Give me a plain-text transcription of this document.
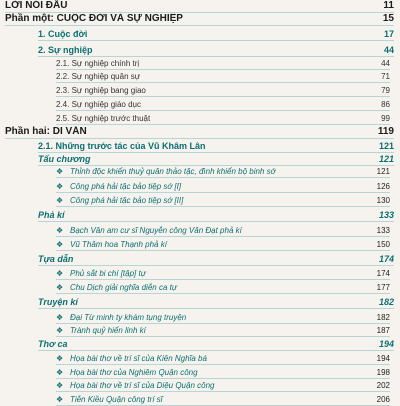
LỜI NÓI ĐẦU	11
Phần một: CUỘC ĐỜI VÀ SỰ NGHIỆP	15
1. Cuộc đời	17
2. Sự nghiệp	44
2.1. Sự nghiệp chính trị	44
2.2. Sự nghiệp quân sự	71
2.3. Sự nghiệp bang giao	79
2.4. Sự nghiệp giáo dục	86
2.5. Sự nghiệp trước thuật	99
Phần hai: DI VĂN	119
2.1. Những trước tác của Vũ Khâm Lân	121
Tấu chương	121
❖ Thỉnh độc khiển thuỷ quân thảo tặc, đình khiển bộ binh sớ	121
❖ Công phá hải tặc bảo tiệp sớ [I]	126
❖ Công phá hải tặc bảo tiệp sớ [II]	130
Phả kí	133
❖ Bạch Vân am cư sĩ Nguyễn công Văn Đạt phả kí	133
❖ Vũ Thâm hoa Thạnh phả kí	150
Tựa dẫn	174
❖ Phủ sắt bi chí [tập] tự	174
❖ Chu Dịch giải nghĩa diễn ca tự	177
Truyện kí	182
❖ Đại Từ minh ty khám tụng truyện	182
❖ Trành quỷ hiển linh kí	187
Thơ ca	194
❖ Họa bài thơ về trí sĩ của Kiên Nghĩa bá	194
❖ Họa bài thơ của Nghiêm Quận công	198
❖ Họa bài thơ về trí sĩ của Diệu Quận công	202
❖ Tiễn Kiều Quận công trí sĩ	206
